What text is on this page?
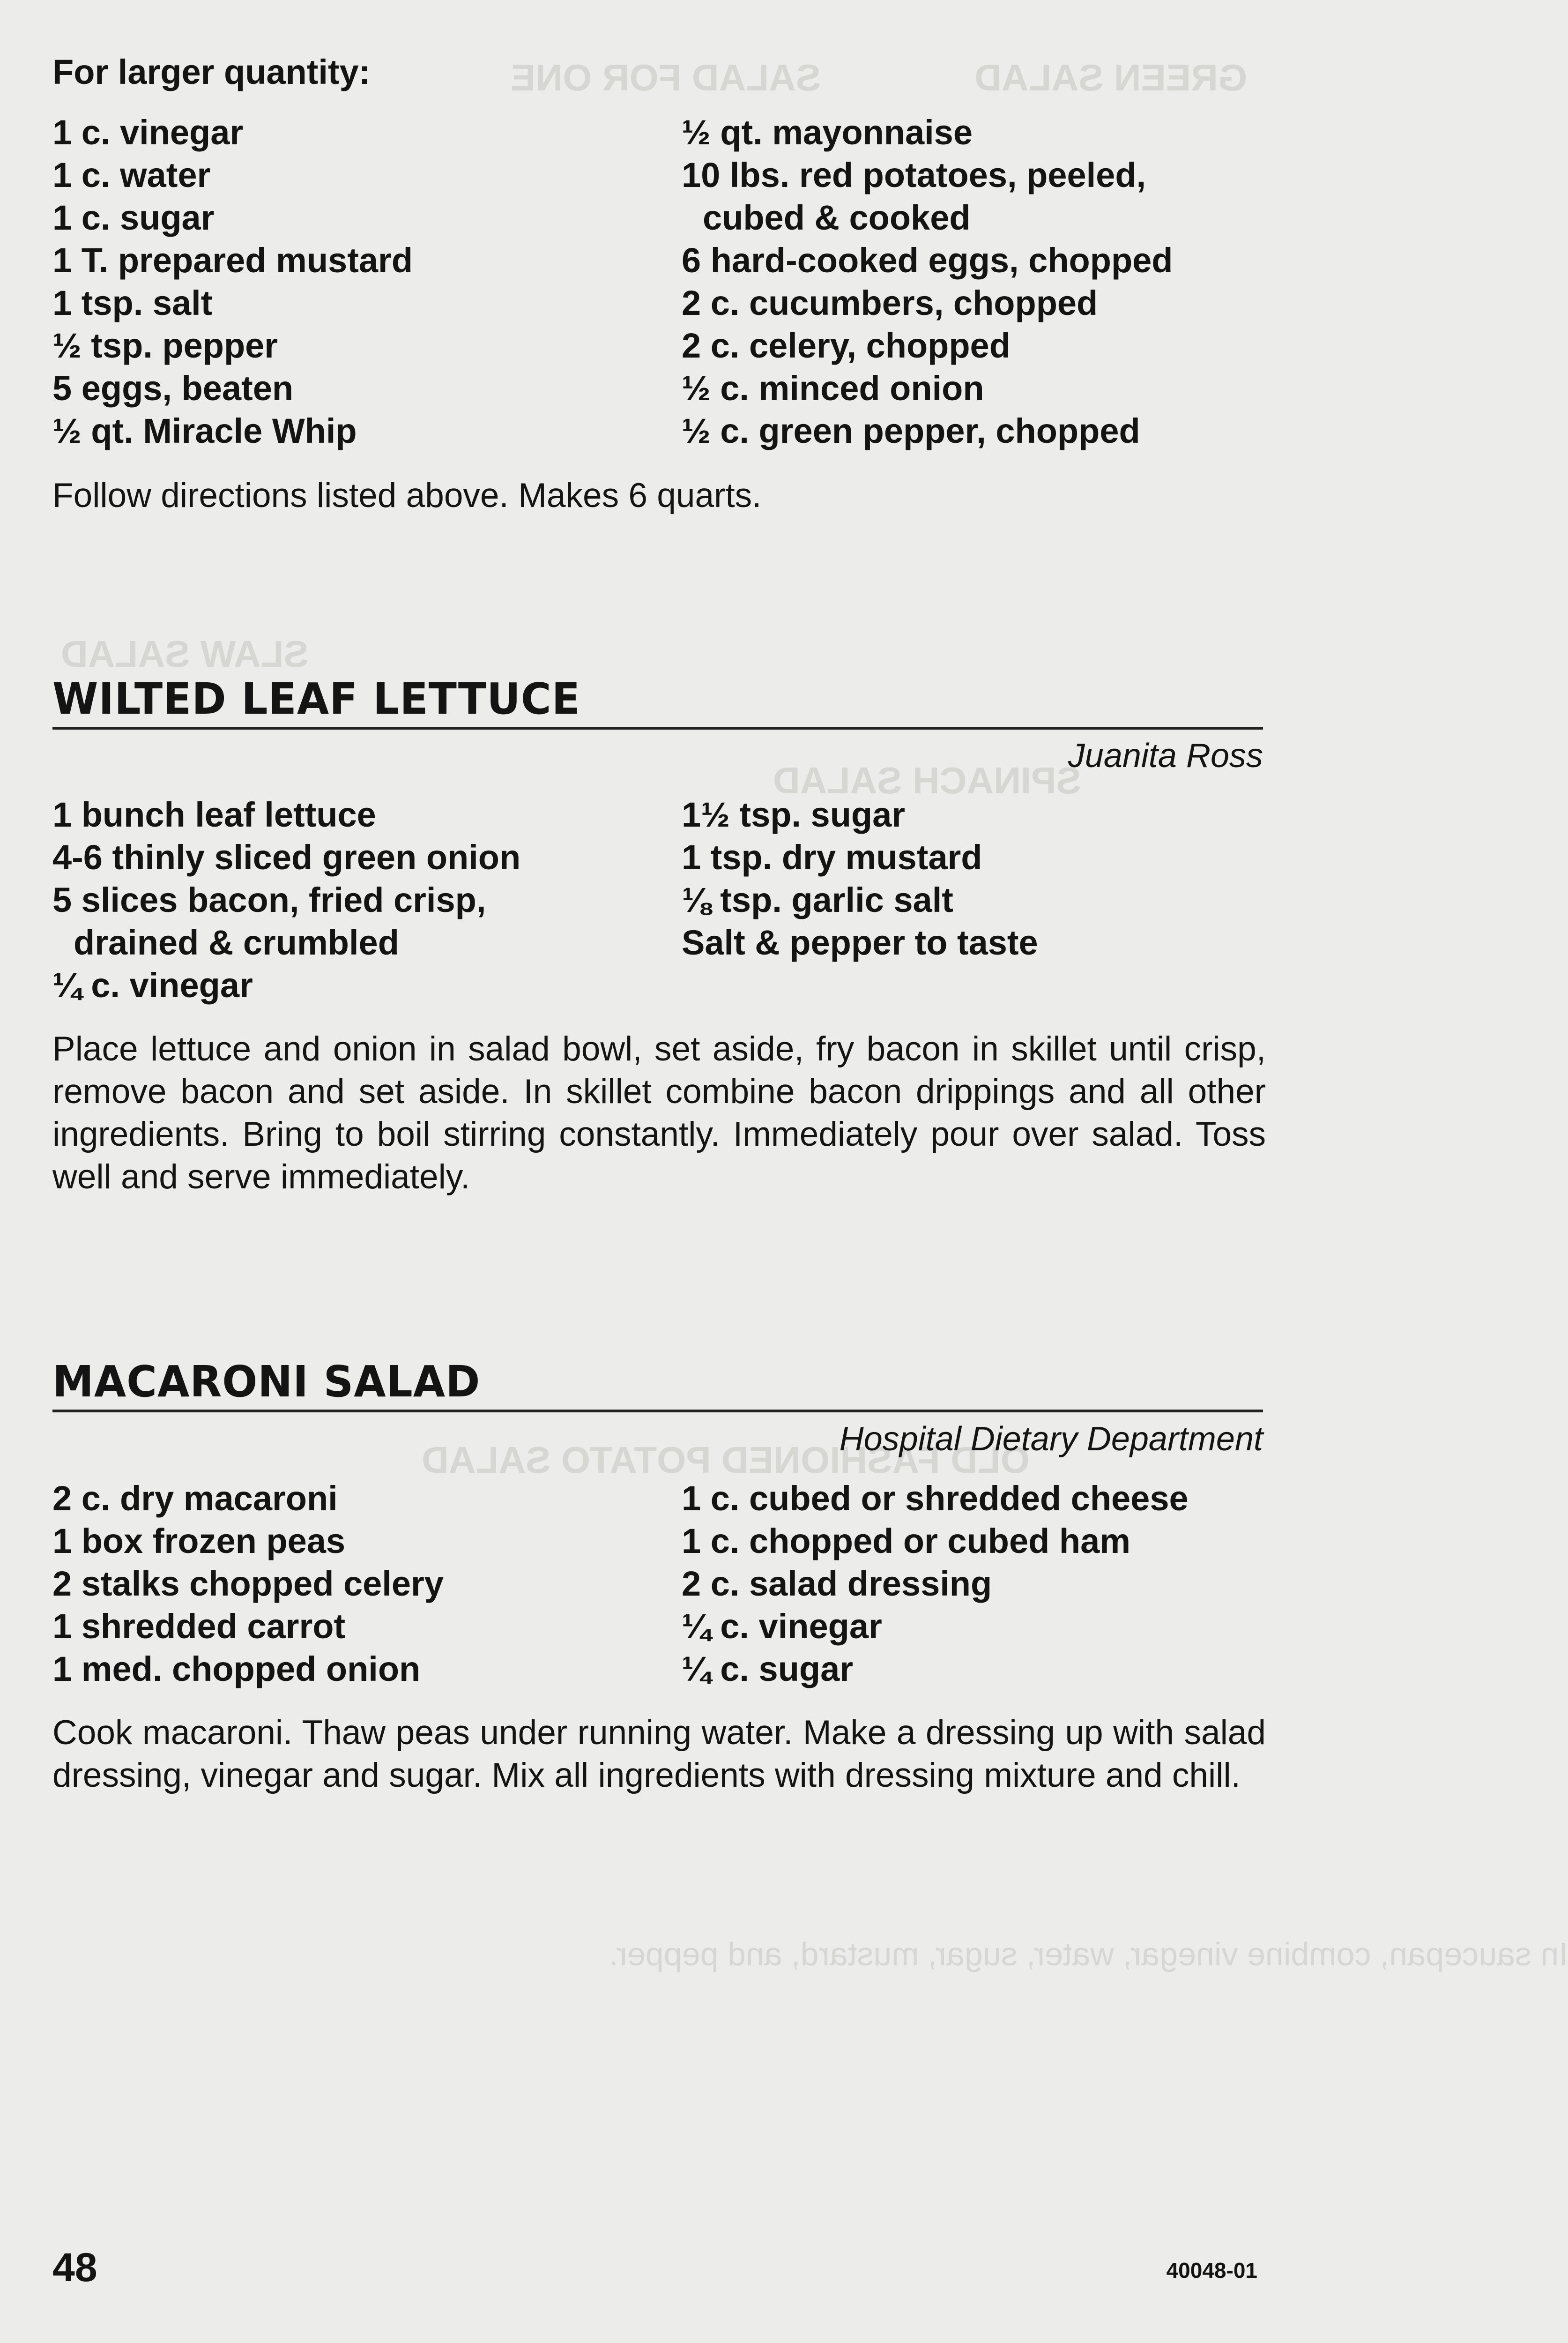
GREEN SALAD
SALAD FOR ONE
SLAW SALAD
SPINACH SALAD
OLD FASHIONED POTATO SALAD
In saucepan, combine vinegar, water, sugar, mustard, and pepper.
For larger quantity:
1 c. vinegar
1 c. water
1 c. sugar
1 T. prepared mustard
1 tsp. salt
½ tsp. pepper
5 eggs, beaten
½ qt. Miracle Whip
½ qt. mayonnaise
10 lbs. red potatoes, peeled,
cubed & cooked
6 hard-cooked eggs, chopped
2 c. cucumbers, chopped
2 c. celery, chopped
½ c. minced onion
½ c. green pepper, chopped
Follow directions listed above. Makes 6 quarts.
WILTED LEAF LETTUCE
Juanita Ross
1 bunch leaf lettuce
4-6 thinly sliced green onion
5 slices bacon, fried crisp,
drained & crumbled
¼ c. vinegar
1½ tsp. sugar
1 tsp. dry mustard
⅛ tsp. garlic salt
Salt & pepper to taste
Place lettuce and onion in salad bowl, set aside, fry bacon in skillet until crisp, remove bacon and set aside. In skillet combine bacon drippings and all other ingredients. Bring to boil stirring constantly. Immediately pour over salad. Toss well and serve immediately.
MACARONI SALAD
Hospital Dietary Department
2 c. dry macaroni
1 box frozen peas
2 stalks chopped celery
1 shredded carrot
1 med. chopped onion
1 c. cubed or shredded cheese
1 c. chopped or cubed ham
2 c. salad dressing
¼ c. vinegar
¼ c. sugar
Cook macaroni. Thaw peas under running water. Make a dressing up with salad dressing, vinegar and sugar. Mix all ingredients with dressing mixture and chill.
48	40048-01
